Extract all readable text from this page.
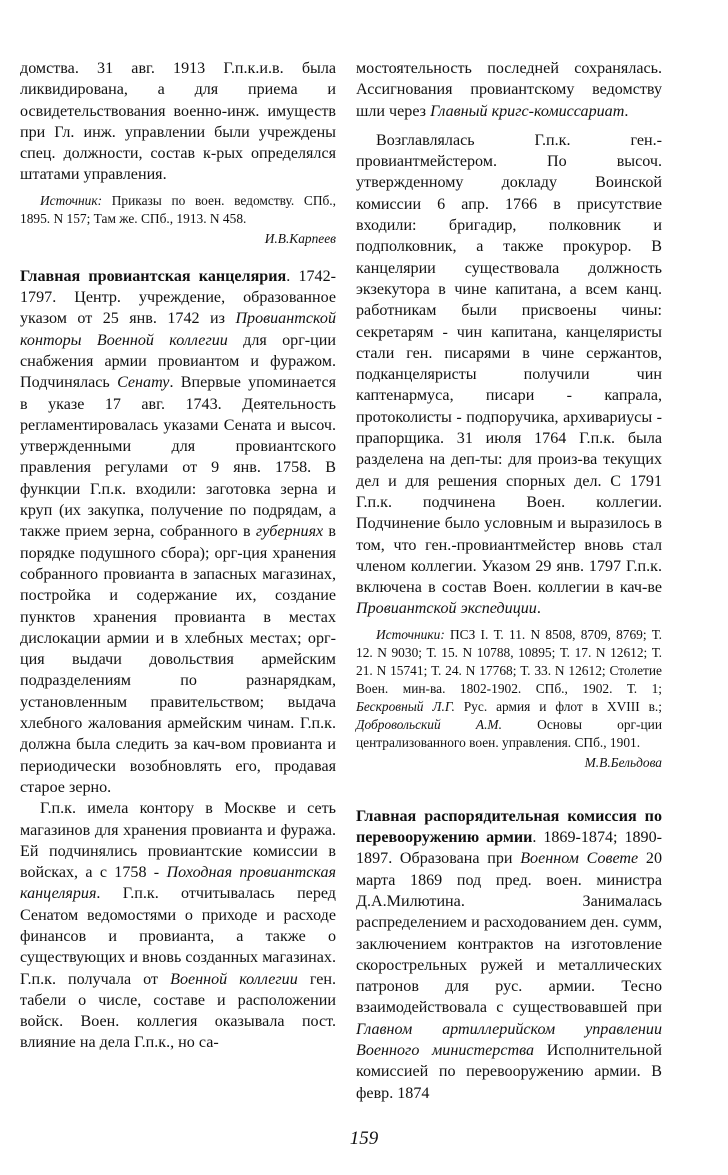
домства. 31 авг. 1913 Г.п.к.и.в. была ликвидирована, а для приема и освидетельствования военно-инж. имуществ при Гл. инж. управлении были учреждены спец. должности, состав к-рых определялся штатами управления.

Источник: Приказы по воен. ведомству. СПб., 1895. N 157; Там же. СПб., 1913. N 458.

И.В.Карпеев

Главная провиантская канцелярия. 1742-1797. Центр. учреждение, образованное указом от 25 янв. 1742 из Провиантской конторы Военной коллегии для орг-ции снабжения армии провиантом и фуражом. Подчинялась Сенату. Впервые упоминается в указе 17 авг. 1743. Деятельность регламентировалась указами Сената и высоч. утвержденными для провиантского правления регулами от 9 янв. 1758. В функции Г.п.к. входили: заготовка зерна и круп (их закупка, получение по подрядам, а также прием зерна, собранного в губерниях в порядке подушного сбора); орг-ция хранения собранного провианта в запасных магазинах, постройка и содержание их, создание пунктов хранения провианта в местах дислокации армии и в хлебных местах; орг-ция выдачи довольствия армейским подразделениям по разнарядкам, установленным правительством; выдача хлебного жалования армейским чинам. Г.п.к. должна была следить за кач-вом провианта и периодически возобновлять его, продавая старое зерно.

Г.п.к. имела контору в Москве и сеть магазинов для хранения провианта и фуража. Ей подчинялись провиантские комиссии в войсках, а с 1758 - Походная провиантская канцелярия. Г.п.к. отчитывалась перед Сенатом ведомостями о приходе и расходе финансов и провианта, а также о существующих и вновь созданных магазинах. Г.п.к. получала от Военной коллегии ген. табели о числе, составе и расположении войск. Воен. коллегия оказывала пост. влияние на дела Г.п.к., но са-

мостоятельность последней сохранялась. Ассигнования провиантскому ведомству шли через Главный кригс-комиссариат.

Возглавлялась Г.п.к. ген.-провиантмейстером. По высоч. утвержденному докладу Воинской комиссии 6 апр. 1766 в присутствие входили: бригадир, полковник и подполковник, а также прокурор. В канцелярии существовала должность экзекутора в чине капитана, а всем канц. работникам были присвоены чины: секретарям - чин капитана, канцеляристы стали ген. писарями в чине сержантов, подканцеляристы получили чин каптенармуса, писари - капрала, протоколисты - подпоручика, архивариусы - прапорщика. 31 июля 1764 Г.п.к. была разделена на деп-ты: для произ-ва текущих дел и для решения спорных дел. С 1791 Г.п.к. подчинена Воен. коллегии. Подчинение было условным и выразилось в том, что ген.-провиантмейстер вновь стал членом коллегии. Указом 29 янв. 1797 Г.п.к. включена в состав Воен. коллегии в кач-ве Провиантской экспедиции.

Источники: ПСЗ I. Т. 11. N 8508, 8709, 8769; Т. 12. N 9030; Т. 15. N 10788, 10895; Т. 17. N 12612; Т. 21. N 15741; Т. 24. N 17768; Т. 33. N 12612; Столетие Воен. мин-ва. 1802-1902. СПб., 1902. Т. 1; Бескровный Л.Г. Рус. армия и флот в XVIII в.; Добровольский А.М. Основы орг-ции централизованного воен. управления. СПб., 1901.

М.В.Бельдова

Главная распорядительная комиссия по перевооружению армии. 1869-1874; 1890-1897. Образована при Военном Совете 20 марта 1869 под пред. воен. министра Д.А.Милютина. Занималась распределением и расходованием ден. сумм, заключением контрактов на изготовление скорострельных ружей и металлических патронов для рус. армии. Тесно взаимодействовала с существовавшей при Главном артиллерийском управлении Военного министерства Исполнительной комиссией по перевооружению армии. В февр. 1874

159
